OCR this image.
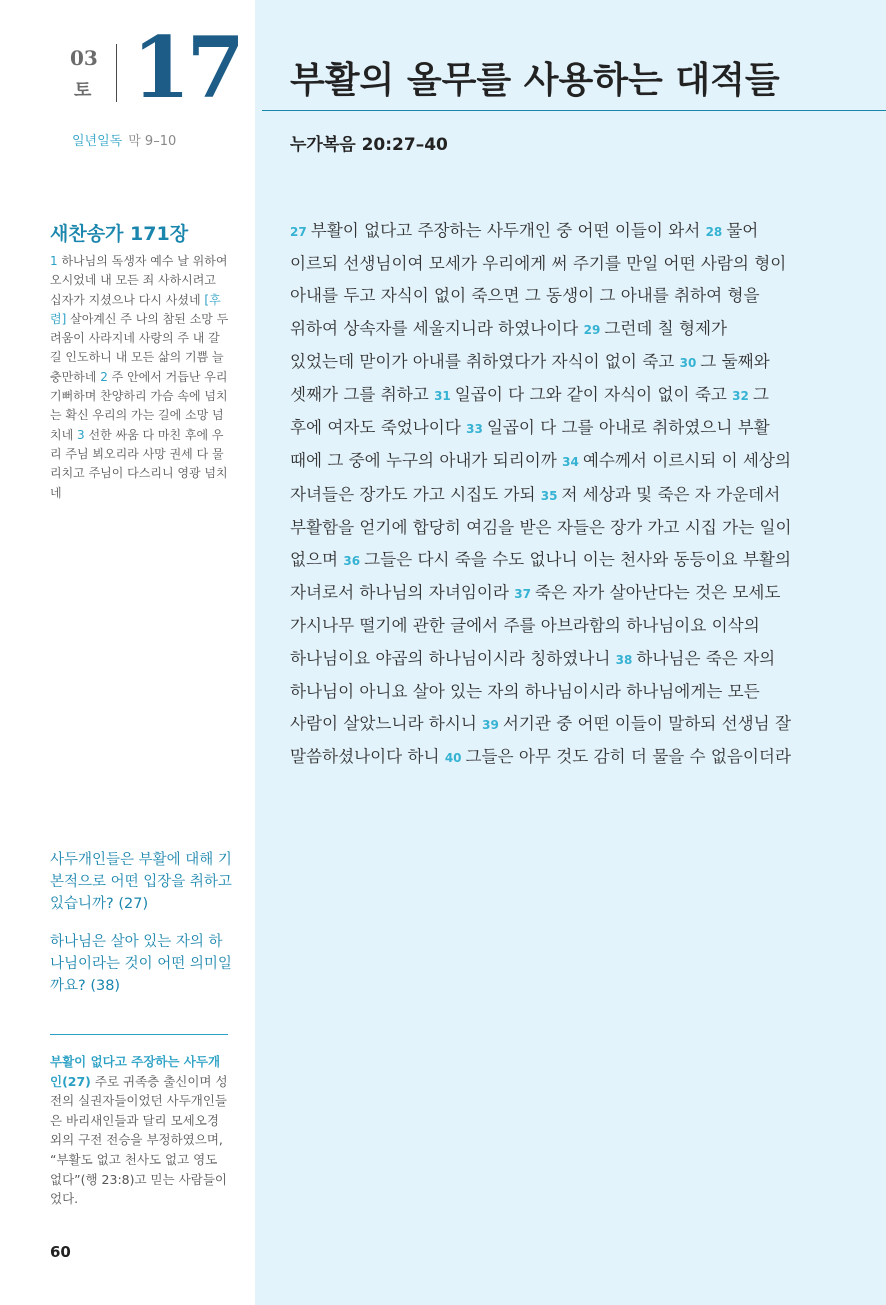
03
토 17
일년일독 막 9–10
새찬송가 171장
1 하나님의 독생자 예수 날 위하여 오시었네 내 모든 죄 사하시려고 십자가 지셨으나 다시 사셨네 [후렴] 살아계신 주 나의 참된 소망 두려움이 사라지네 사랑의 주 내 갈 길 인도하니 내 모든 삶의 기쁨 늘 충만하네 2 주 안에서 거듭난 우리 기뻐하며 찬양하리 가슴 속에 넘치는 확신 우리의 가는 길에 소망 넘치네 3 선한 싸움 다 마친 후에 우리 주님 뵈오리라 사망 권세 다 물리치고 주님이 다스리니 영광 넘치네

사두개인들은 부활에 대해 기본적으로 어떤 입장을 취하고 있습니까? (27)

하나님은 살아 있는 자의 하나님이라는 것이 어떤 의미일까요? (38)

부활이 없다고 주장하는 사두개인(27) 주로 귀족층 출신이며 성전의 실권자들이었던 사두개인들은 바리새인들과 달리 모세오경 외의 구전 전승을 부정하였으며, “부활도 없고 천사도 없고 영도 없다”(행 23:8)고 믿는 사람들이었다.
60
부활의 올무를 사용하는 대적들
누가복음 20:27–40
27 부활이 없다고 주장하는 사두개인 중 어떤 이들이 와서 28 물어 이르되 선생님이여 모세가 우리에게 써 주기를 만일 어떤 사람의 형이 아내를 두고 자식이 없이 죽으면 그 동생이 그 아내를 취하여 형을 위하여 상속자를 세울지니라 하였나이다 29 그런데 칠 형제가 있었는데 맏이가 아내를 취하였다가 자식이 없이 죽고 30 그 둘째와 셋째가 그를 취하고 31 일곱이 다 그와 같이 자식이 없이 죽고 32 그 후에 여자도 죽었나이다 33 일곱이 다 그를 아내로 취하였으니 부활 때에 그 중에 누구의 아내가 되리이까 34 예수께서 이르시되 이 세상의 자녀들은 장가도 가고 시집도 가되 35 저 세상과 및 죽은 자 가운데서 부활함을 얻기에 합당히 여김을 받은 자들은 장가 가고 시집 가는 일이 없으며 36 그들은 다시 죽을 수도 없나니 이는 천사와 동등이요 부활의 자녀로서 하나님의 자녀임이라 37 죽은 자가 살아난다는 것은 모세도 가시나무 떨기에 관한 글에서 주를 아브라함의 하나님이요 이삭의 하나님이요 야곱의 하나님이시라 칭하였나니 38 하나님은 죽은 자의 하나님이 아니요 살아 있는 자의 하나님이시라 하나님에게는 모든 사람이 살았느니라 하시니 39 서기관 중 어떤 이들이 말하되 선생님 잘 말씀하셨나이다 하니 40 그들은 아무 것도 감히 더 물을 수 없음이더라
